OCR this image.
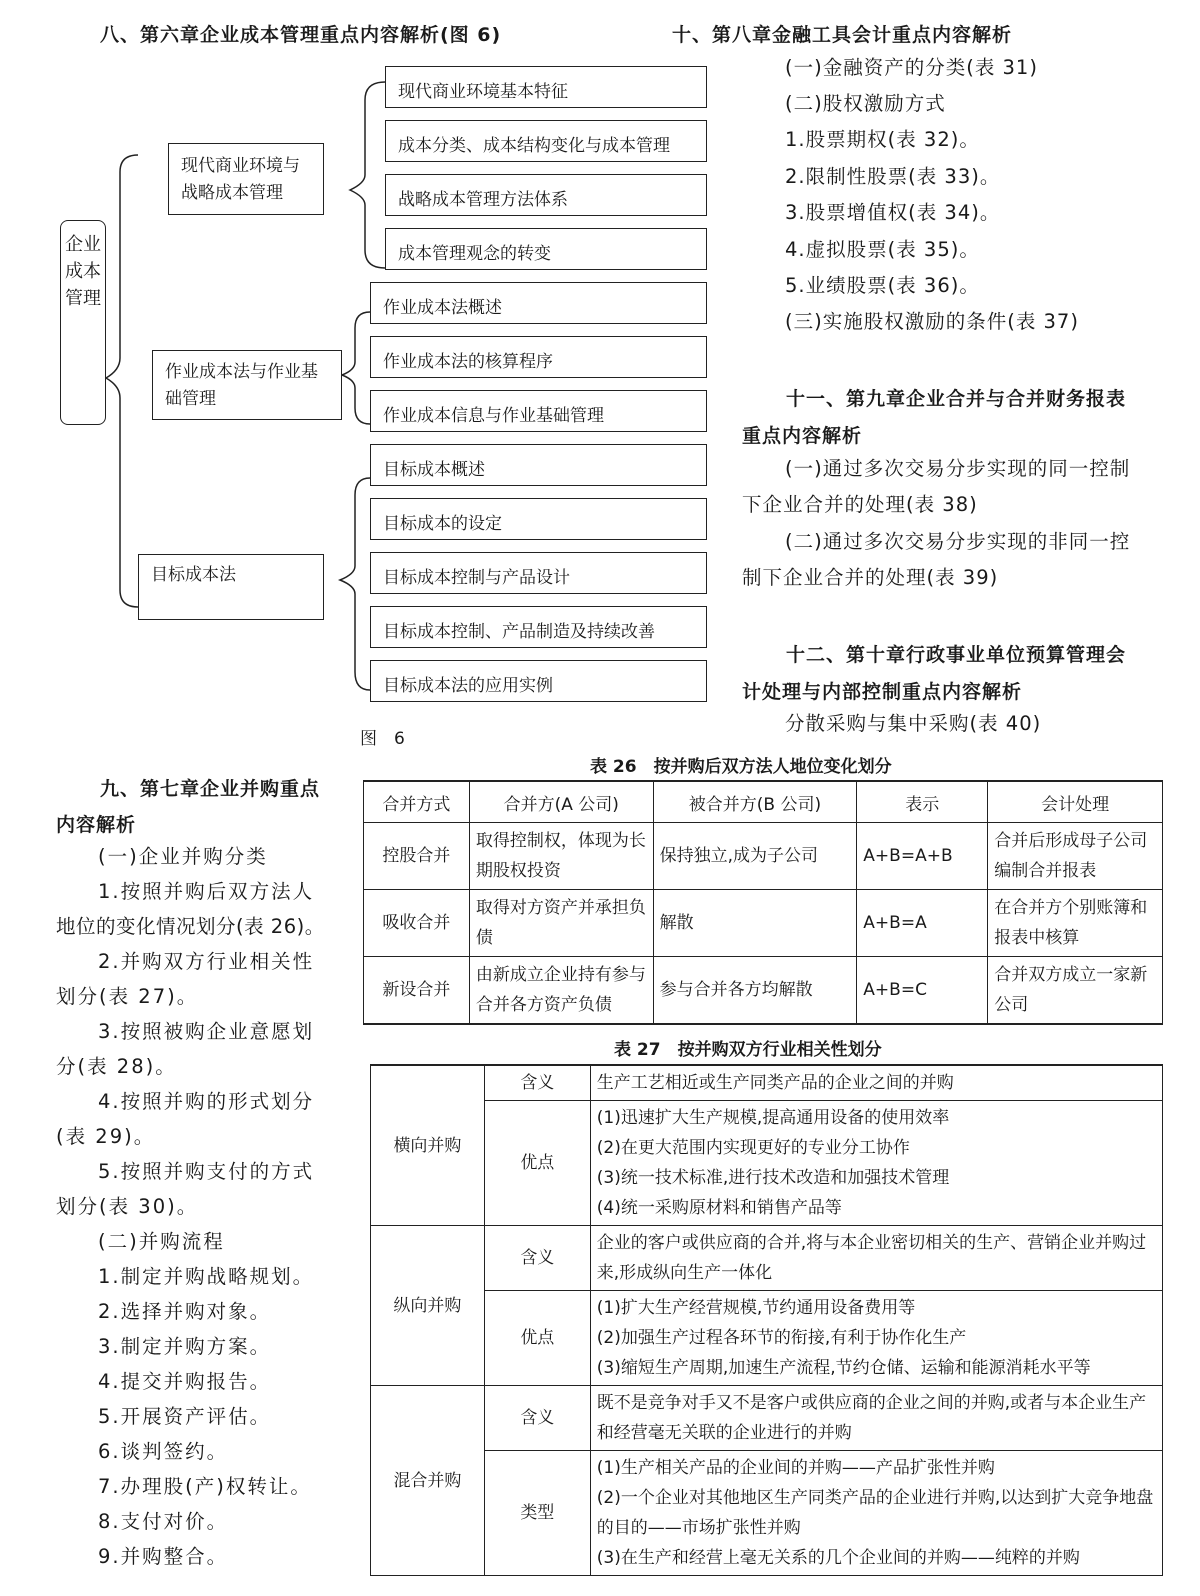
八、第六章企业成本管理重点内容解析(图 6)
企业成本管理
现代商业环境与战略成本管理
作业成本法与作业基础管理
目标成本法
现代商业环境基本特征
成本分类、成本结构变化与成本管理
战略成本管理方法体系
成本管理观念的转变
作业成本法概述
作业成本法的核算程序
作业成本信息与作业基础管理
目标成本概述
目标成本的设定
目标成本控制与产品设计
目标成本控制、产品制造及持续改善
目标成本法的应用实例
图　6
十、第八章金融工具会计重点内容解析
(一)金融资产的分类(表 31)
(二)股权激励方式
1.股票期权(表 32)。
2.限制性股票(表 33)。
3.股票增值权(表 34)。
4.虚拟股票(表 35)。
5.业绩股票(表 36)。
(三)实施股权激励的条件(表 37)
十一、第九章企业合并与合并财务报表
重点内容解析
(一)通过多次交易分步实现的同一控制
下企业合并的处理(表 38)
(二)通过多次交易分步实现的非同一控
制下企业合并的处理(表 39)
十二、第十章行政事业单位预算管理会
计处理与内部控制重点内容解析
分散采购与集中采购(表 40)
九、第七章企业并购重点
内容解析
(一)企业并购分类
1.按照并购后双方法人
地位的变化情况划分(表 26)。
2.并购双方行业相关性
划分(表 27)。
3.按照被购企业意愿划
分(表 28)。
4.按照并购的形式划分
(表 29)。
5.按照并购支付的方式
划分(表 30)。
(二)并购流程
1.制定并购战略规划。
2.选择并购对象。
3.制定并购方案。
4.提交并购报告。
5.开展资产评估。
6.谈判签约。
7.办理股(产)权转让。
8.支付对价。
9.并购整合。
表 26　按并购后双方法人地位变化划分
合并方式	合并方(A 公司)	被合并方(B 公司)	表示	会计处理
控股合并	取得控制权，体现为长期股权投资	保持独立,成为子公司	A+B=A+B	合并后形成母子公司编制合并报表
吸收合并	取得对方资产并承担负债	解散	A+B=A	在合并方个别账簿和报表中核算
新设合并	由新成立企业持有参与合并各方资产负债	参与合并各方均解散	A+B=C	合并双方成立一家新公司
表 27　按并购双方行业相关性划分
横向并购	含义	生产工艺相近或生产同类产品的企业之间的并购
	优点	(1)迅速扩大生产规模,提高通用设备的使用效率
(2)在更大范围内实现更好的专业分工协作
(3)统一技术标准,进行技术改造和加强技术管理
(4)统一采购原材料和销售产品等

纵向并购	含义	企业的客户或供应商的合并,将与本企业密切相关的生产、营销企业并购过来,形成纵向生产一体化
	优点	(1)扩大生产经营规模,节约通用设备费用等
(2)加强生产过程各环节的衔接,有利于协作化生产
(3)缩短生产周期,加速生产流程,节约仓储、运输和能源消耗水平等

混合并购	含义	既不是竞争对手又不是客户或供应商的企业之间的并购,或者与本企业生产和经营毫无关联的企业进行的并购
	类型	(1)生产相关产品的企业间的并购——产品扩张性并购
(2)一个企业对其他地区生产同类产品的企业进行并购,以达到扩大竞争地盘的目的——市场扩张性并购
(3)在生产和经营上毫无关系的几个企业间的并购——纯粹的并购
